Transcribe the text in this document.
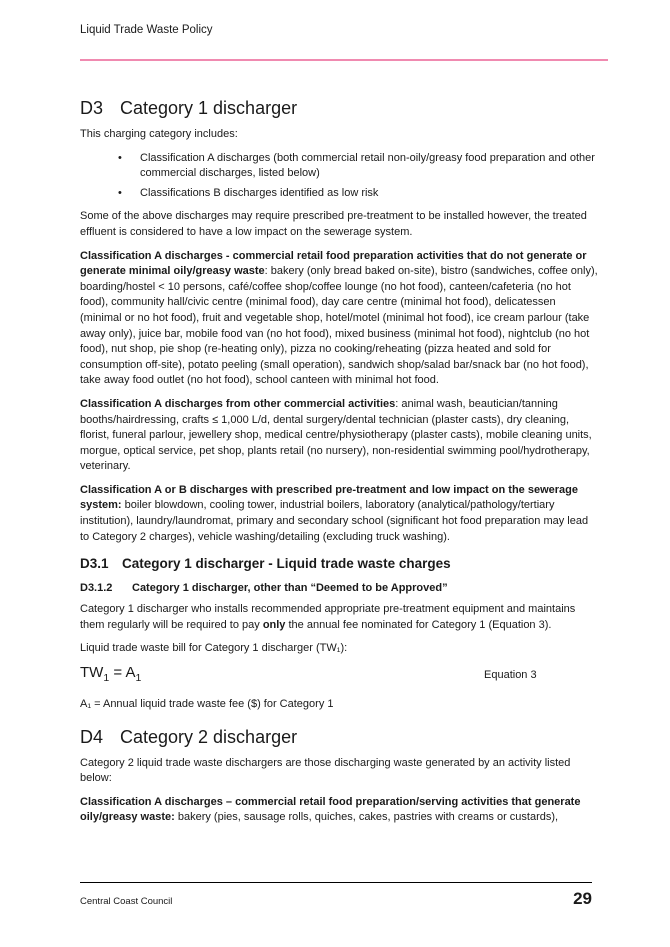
Liquid Trade Waste Policy
D3 Category 1 discharger

This charging category includes:

• Classification A discharges (both commercial retail non-oily/greasy food preparation and other commercial discharges, listed below)
• Classifications B discharges identified as low risk

Some of the above discharges may require prescribed pre-treatment to be installed however, the treated effluent is considered to have a low impact on the sewerage system.

Classification A discharges - commercial retail food preparation activities that do not generate or generate minimal oily/greasy waste: bakery (only bread baked on-site), bistro (sandwiches, coffee only), boarding/hostel < 10 persons, café/coffee shop/coffee lounge (no hot food), canteen/cafeteria (no hot food), community hall/civic centre (minimal food), day care centre (minimal hot food), delicatessen (minimal or no hot food), fruit and vegetable shop, hotel/motel (minimal hot food), ice cream parlour (take away only), juice bar, mobile food van (no hot food), mixed business (minimal hot food), nightclub (no hot food), nut shop, pie shop (re-heating only), pizza no cooking/reheating (pizza heated and sold for consumption off-site), potato peeling (small operation), sandwich shop/salad bar/snack bar (no hot food), take away food outlet (no hot food), school canteen with minimal hot food.

Classification A discharges from other commercial activities: animal wash, beautician/tanning booths/hairdressing, crafts ≤ 1,000 L/d, dental surgery/dental technician (plaster casts), dry cleaning, florist, funeral parlour, jewellery shop, medical centre/physiotherapy (plaster casts), mobile cleaning units, morgue, optical service, pet shop, plants retail (no nursery), non-residential swimming pool/hydrotherapy, veterinary.

Classification A or B discharges with prescribed pre-treatment and low impact on the sewerage system: boiler blowdown, cooling tower, industrial boilers, laboratory (analytical/pathology/tertiary institution), laundry/laundromat, primary and secondary school (significant hot food preparation may lead to Category 2 charges), vehicle washing/detailing (excluding truck washing).

D3.1 Category 1 discharger - Liquid trade waste charges
D3.1.2 Category 1 discharger, other than “Deemed to be Approved”

Category 1 discharger who installs recommended appropriate pre-treatment equipment and maintains them regularly will be required to pay only the annual fee nominated for Category 1 (Equation 3).

Liquid trade waste bill for Category 1 discharger (TW₁):

$TW_1 = A_1$	Equation 3

A₁ = Annual liquid trade waste fee ($) for Category 1

D4 Category 2 discharger

Category 2 liquid trade waste dischargers are those discharging waste generated by an activity listed below:

Classification A discharges – commercial retail food preparation/serving activities that generate oily/greasy waste: bakery (pies, sausage rolls, quiches, cakes, pastries with creams or custards),

Central Coast Council	29
